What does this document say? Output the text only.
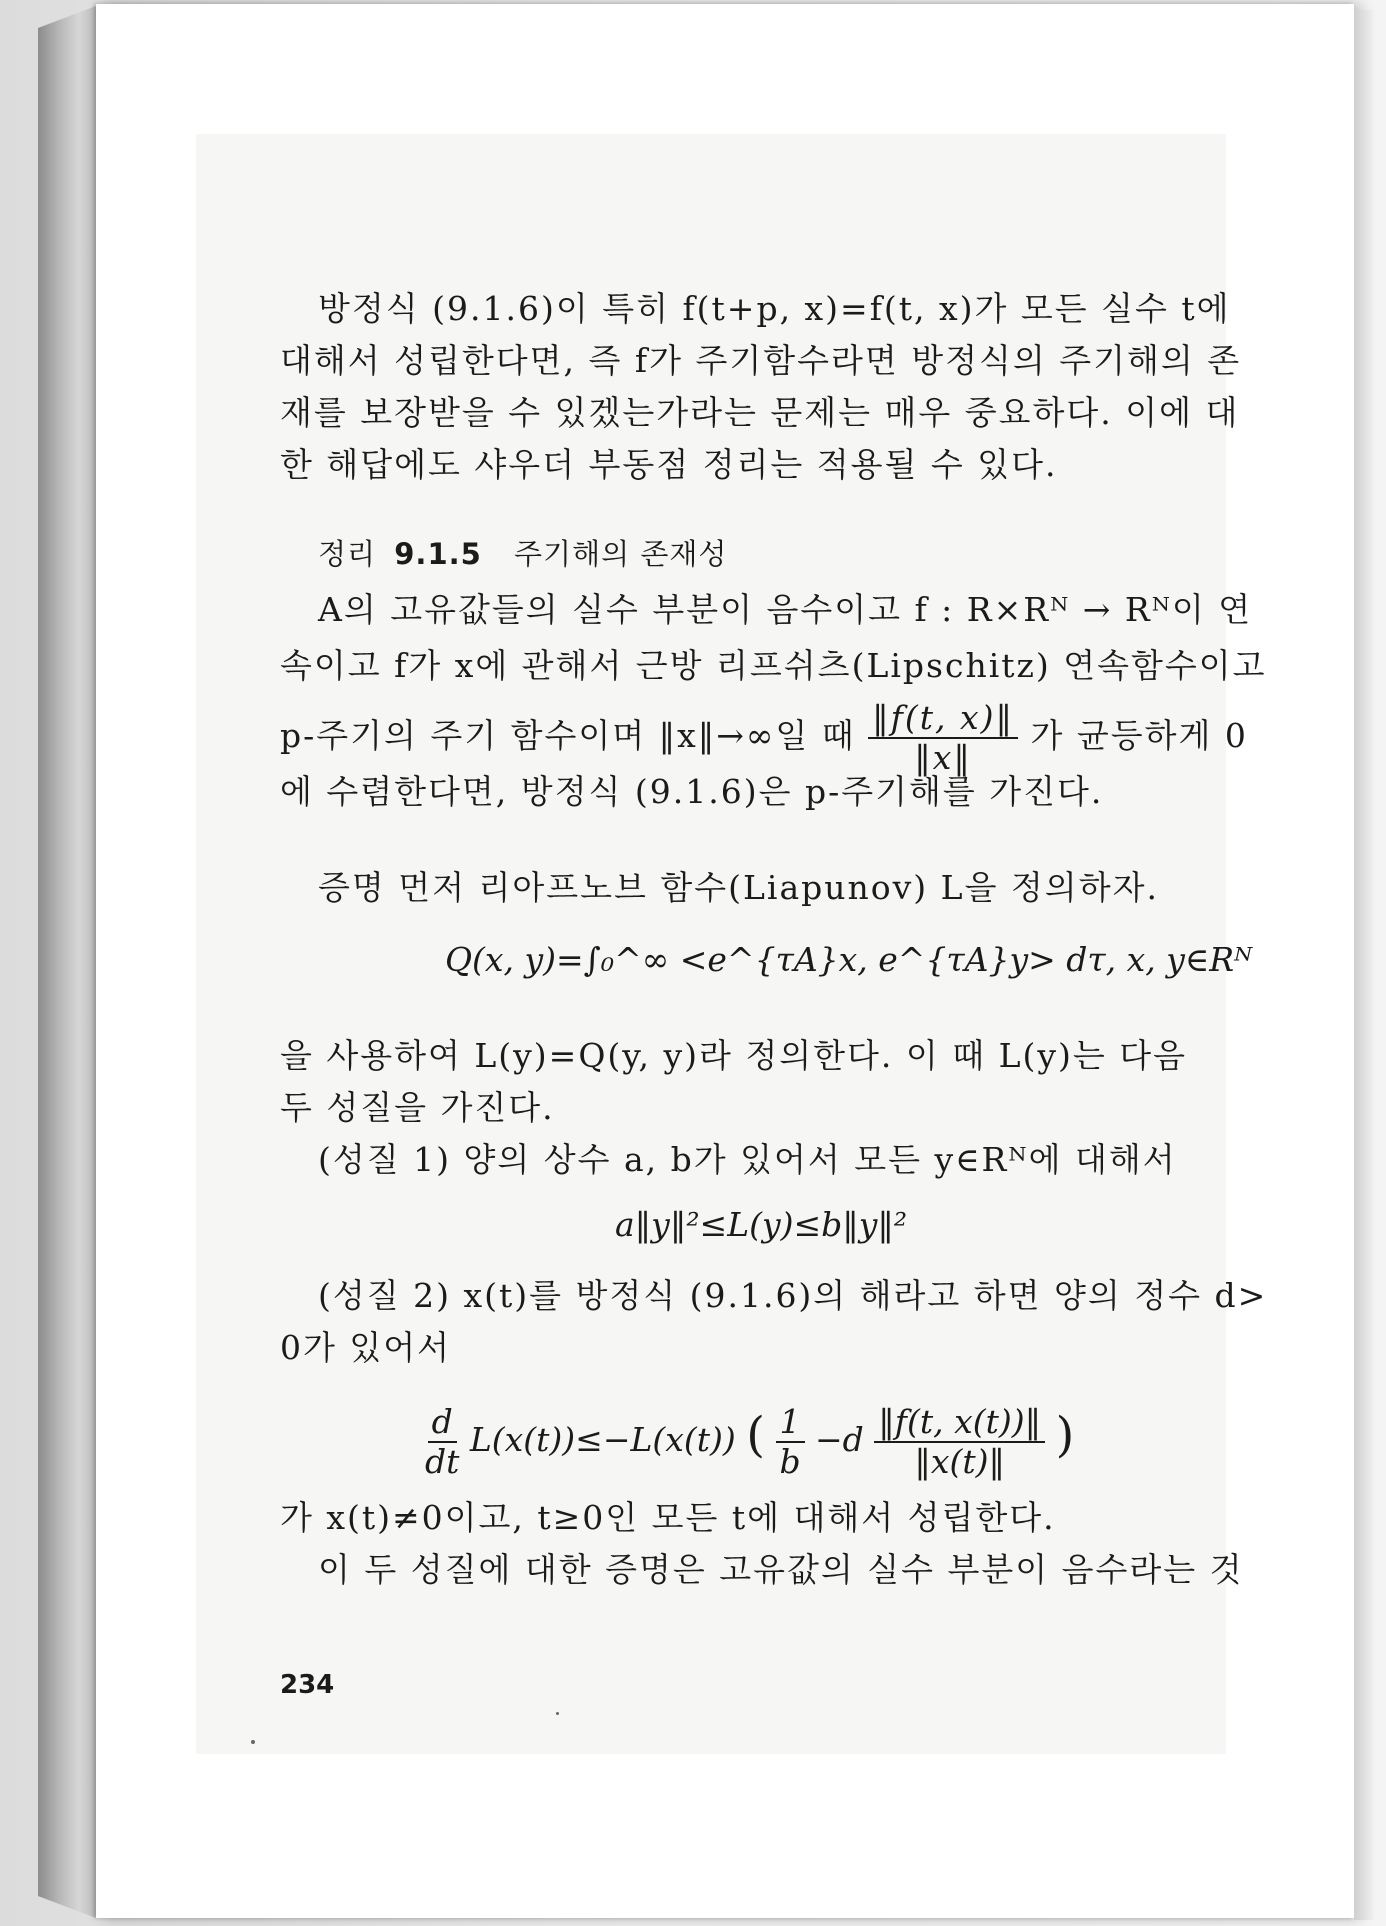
방정식 (9.1.6)이 특히 f(t+p, x)=f(t, x)가 모든 실수 t에
대해서 성립한다면, 즉 f가 주기함수라면 방정식의 주기해의 존
재를 보장받을 수 있겠는가라는 문제는 매우 중요하다. 이에 대
한 해답에도 샤우더 부동점 정리는 적용될 수 있다.
정리 9.1.5 주기해의 존재성
A의 고유값들의 실수 부분이 음수이고 f : R×Rᴺ → Rᴺ이 연
속이고 f가 x에 관해서 근방 리프쉬츠(Lipschitz) 연속함수이고
p-주기의 주기 함수이며 ‖x‖→∞일 때 $\frac{‖f(t, x)‖}{‖x‖}$ 가 균등하게 0
에 수렴한다면, 방정식 (9.1.6)은 p-주기해를 가진다.
증명 먼저 리아프노브 함수(Liapunov) L을 정의하자.
Q(x, y)=∫₀^∞ <e^{τA}x, e^{τA}y> dτ, x, y∈Rᴺ
을 사용하여 L(y)=Q(y, y)라 정의한다. 이 때 L(y)는 다음
두 성질을 가진다.
(성질 1) 양의 상수 a, b가 있어서 모든 y∈Rᴺ에 대해서
a‖y‖²≤L(y)≤b‖y‖²
(성질 2) x(t)를 방정식 (9.1.6)의 해라고 하면 양의 정수 d>
0가 있어서
$\frac{d}{dt} L(x(t))\le-L(x(t))$ ( $\frac{1}{b} -d \frac{‖f(t, x(t))‖}{‖x(t)‖}$ )
가 x(t)≠0이고, t≥0인 모든 t에 대해서 성립한다.
이 두 성질에 대한 증명은 고유값의 실수 부분이 음수라는 것
234
